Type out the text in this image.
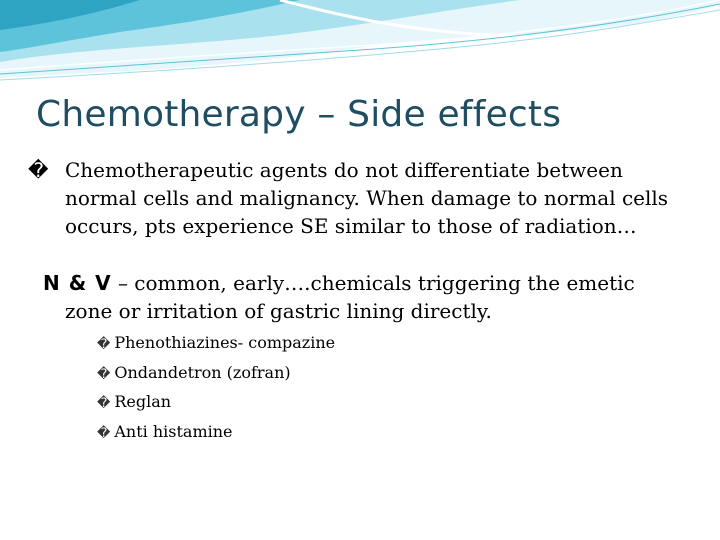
Chemotherapy – Side effects
� Chemotherapeutic agents do not differentiate between normal cells and malignancy. When damage to normal cells occurs, pts experience SE similar to those of radiation…
N & V – common, early….chemicals triggering the emetic zone or irritation of gastric lining directly.
� Phenothiazines- compazine
� Ondandetron (zofran)
� Reglan
� Anti histamine
